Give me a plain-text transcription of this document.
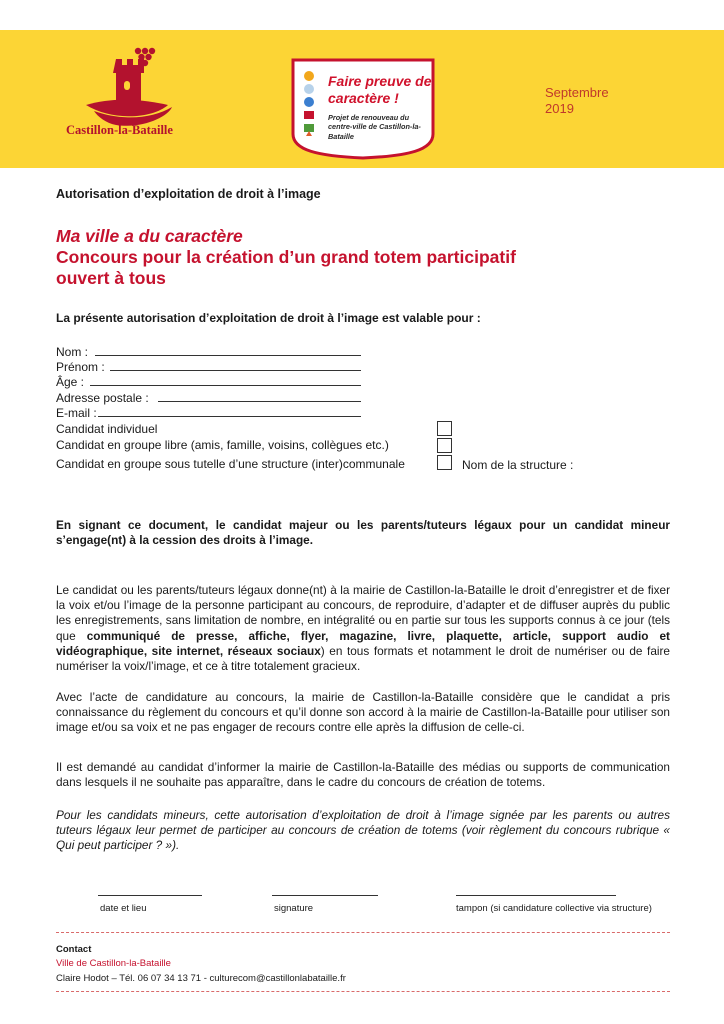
Castillon-la-Bataille
Faire preuve de caractère !
Projet de renouveau du centre-ville de Castillon-la-Bataille
Septembre
2019
Autorisation d’exploitation de droit à l’image
Ma ville a du caractère
Concours pour la création d’un grand totem participatif
ouvert à tous
La présente autorisation d’exploitation de droit à l’image est valable pour :
Nom :
Prénom :
Âge :
Adresse postale :
E-mail :
Candidat individuel
Candidat en groupe libre (amis, famille, voisins, collègues etc.)
Candidat en groupe sous tutelle d’une structure (inter)communale	Nom de la structure :
En signant ce document, le candidat majeur ou les parents/tuteurs légaux pour un candidat mineur s’engage(nt) à la cession des droits à l’image.
Le candidat ou les parents/tuteurs légaux donne(nt) à la mairie de Castillon-la-Bataille le droit d’enregistrer et de fixer la voix et/ou l’image de la personne participant au concours, de reproduire, d’adapter et de diffuser auprès du public les enregistrements, sans limitation de nombre, en intégralité ou en partie sur tous les supports connus à ce jour (tels que communiqué de presse, affiche, flyer, magazine, livre, plaquette, article, support audio et vidéographique, site internet, réseaux sociaux) en tous formats et notamment le droit de numériser ou de faire numériser la voix/l’image, et ce à titre totalement gracieux.
Avec l’acte de candidature au concours, la mairie de Castillon-la-Bataille considère que le candidat a pris connaissance du règlement du concours et qu’il donne son accord à la mairie de Castillon-la-Bataille pour utiliser son image et/ou sa voix et ne pas engager de recours contre elle après la diffusion de celle-ci.
Il est demandé au candidat d’informer la mairie de Castillon-la-Bataille des médias ou supports de communication dans lesquels il ne souhaite pas apparaître, dans le cadre du concours de création de totems.
Pour les candidats mineurs, cette autorisation d’exploitation de droit à l’image signée par les parents ou autres tuteurs légaux leur permet de participer au concours de création de totems (voir règlement du concours rubrique « Qui peut participer ? »).
date et lieu	signature	tampon (si candidature collective via structure)
Contact
Ville de Castillon-la-Bataille
Claire Hodot – Tél. 06 07 34 13 71 - culturecom@castillonlabataille.fr
